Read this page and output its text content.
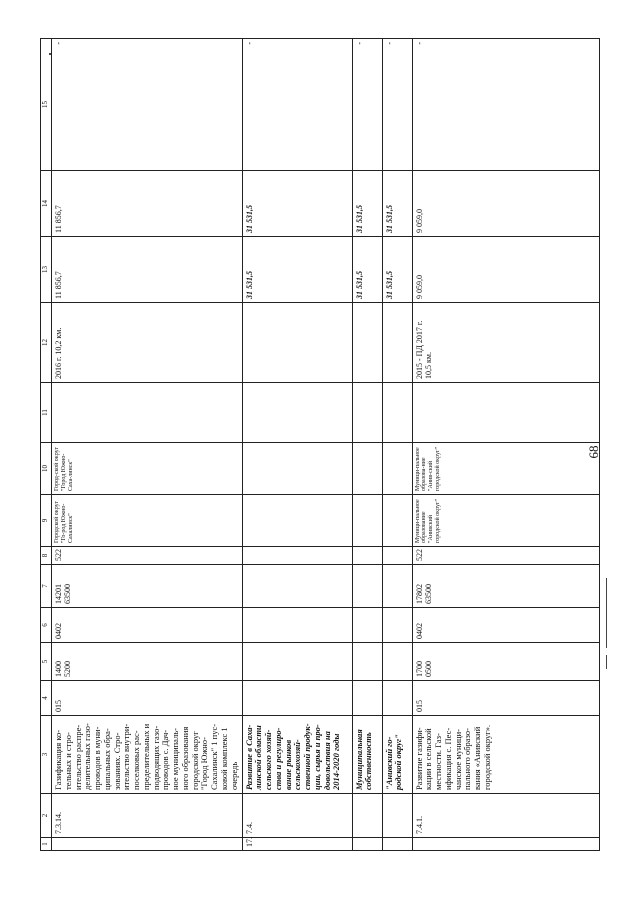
68
1	2	3	4	5	6	7	8	9	10	11	12	13	14	15
	7.3.14.	Газификация ко-тельных и стро-ительство распре-делительных газо-проводов в муни-ципальных обра-зованиях. Стро-ительство внутри-поселковых рас-пределительных и подводящих газо-проводов с. Дач-ное муниципаль-ного образования городской округ "Город Южно-Сахалинск" 1 пус-ковой комплекс 1 очередь	015	1400 5200	0402	14201 63500	522	Городской округ "Го-род Южно-Сахалинск"	Город-ской округ "Город Южно-Саха-линск"		2016 г. 10,2 км.	11 856,7	11 856,7	-
17.	7.4.	Развитие в Саха-линской области сельского хозяй-ства и регулиро-вание рынков сельскохозяй-ственной продук-ции, сырья и про-довольствия на 2014-2020 годы										31 531,5	31 531,5	-
		Муниципальная собственность										31 531,5	31 531,5	-
		"Анивский го-родской округ"										31 531,5	31 531,5	-
	7.4.1.	Развитие газифи-кации в сельской местности. Газ-ификация с. Пес-чанское муници-пального образо-вания «Анивский городской округ».	015	1700 0500	0402	17802 63500	522	Муници-пальное образование "Анивский городской округ"	Муници-пальное образова-ние "Анив-ский городской округ"		2015 - ПД 2017 г. 10,5 км.	9 059,0	9 059,0	-
